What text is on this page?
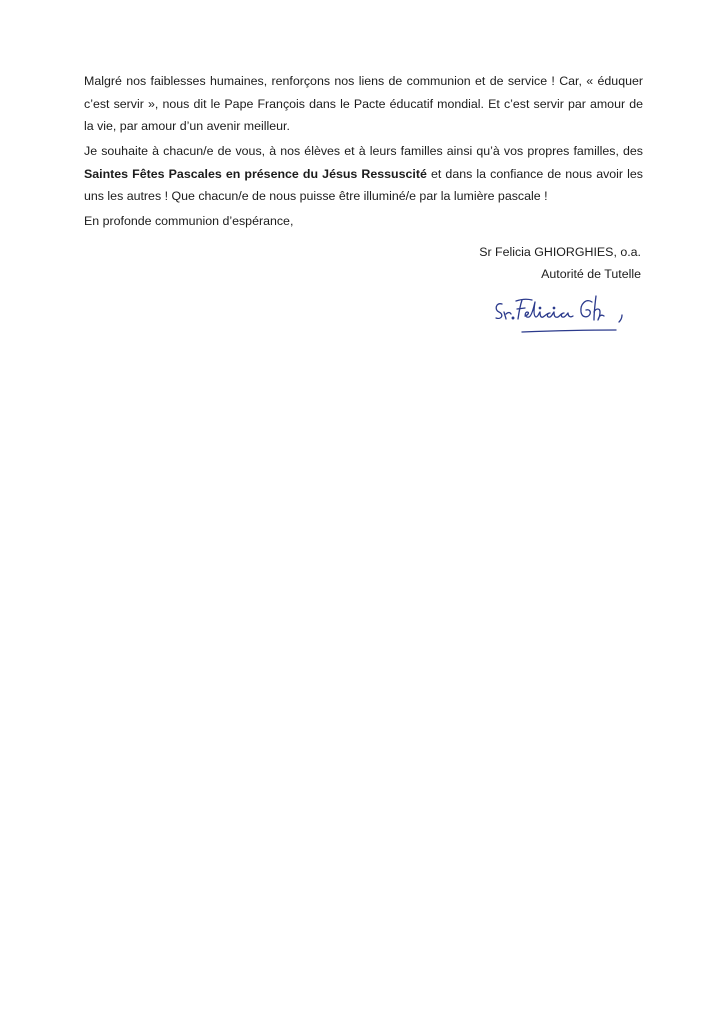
Malgré nos faiblesses humaines, renforçons nos liens de communion et de service ! Car, « éduquer c’est servir », nous dit le Pape François dans le Pacte éducatif mondial. Et c’est servir par amour de la vie, par amour d’un avenir meilleur.

Je souhaite à chacun/e de vous, à nos élèves et à leurs familles ainsi qu’à vos propres familles, des Saintes Fêtes Pascales en présence du Jésus Ressuscité et dans la confiance de nous avoir les uns les autres ! Que chacun/e de nous puisse être illuminé/e par la lumière pascale !

En profonde communion d’espérance,

Sr Felicia GHIORGHIES, o.a.
Autorité de Tutelle
